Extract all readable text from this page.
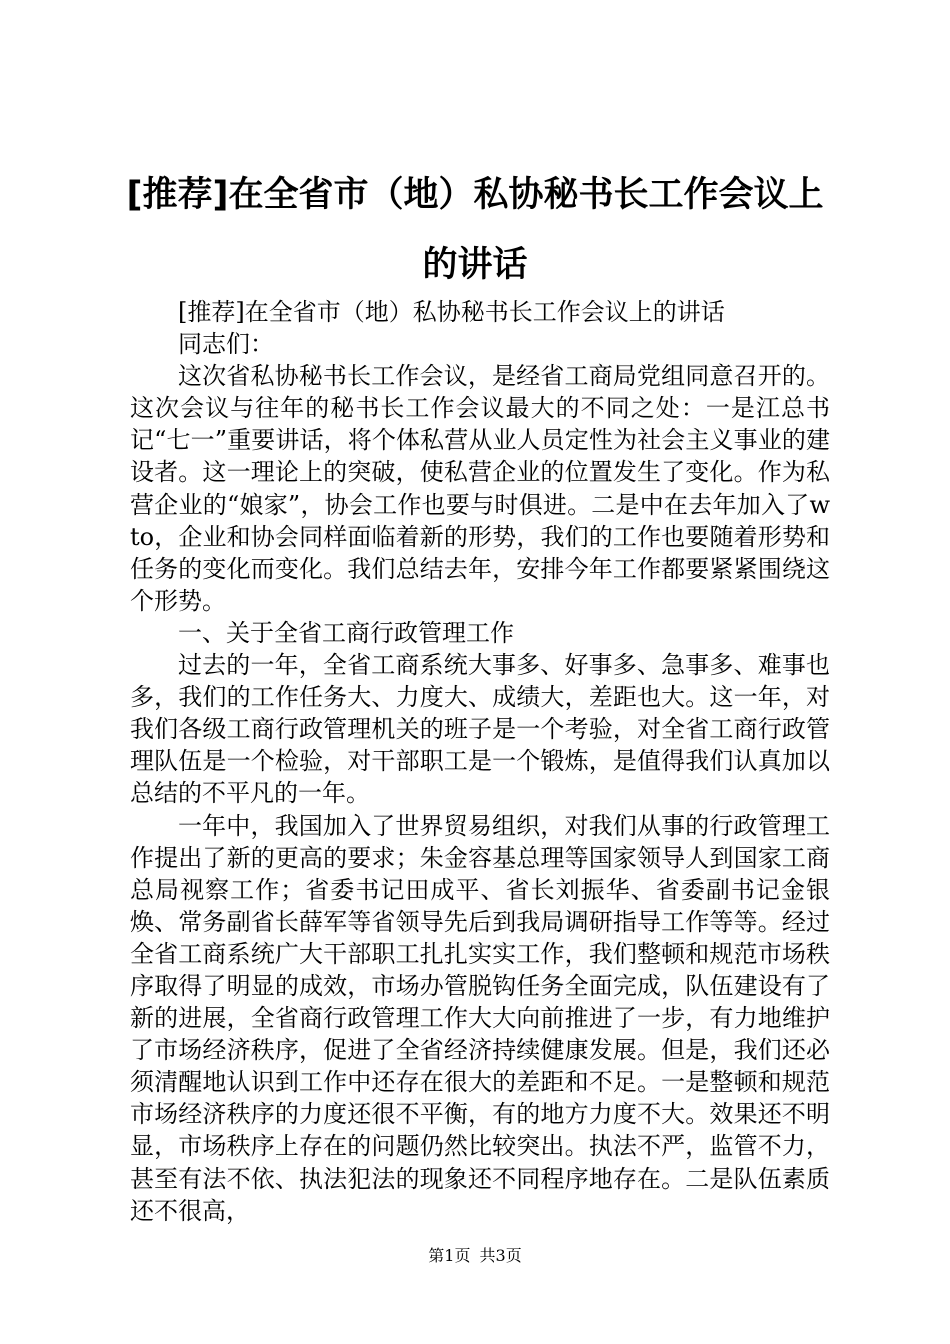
[推荐]在全省市（地）私协秘书长工作会议上
的讲话

[推荐]在全省市（地）私协秘书长工作会议上的讲话

同志们：

这次省私协秘书长工作会议，是经省工商局党组同意召开的。这次会议与往年的秘书长工作会议最大的不同之处：一是江总书记“七一”重要讲话，将个体私营从业人员定性为社会主义事业的建设者。这一理论上的突破，使私营企业的位置发生了变化。作为私营企业的“娘家”，协会工作也要与时俱进。二是中在去年加入了wto，企业和协会同样面临着新的形势，我们的工作也要随着形势和任务的变化而变化。我们总结去年，安排今年工作都要紧紧围绕这个形势。

一、关于全省工商行政管理工作

过去的一年，全省工商系统大事多、好事多、急事多、难事也多，我们的工作任务大、力度大、成绩大，差距也大。这一年，对我们各级工商行政管理机关的班子是一个考验，对全省工商行政管理队伍是一个检验，对干部职工是一个锻炼，是值得我们认真加以总结的不平凡的一年。

一年中，我国加入了世界贸易组织，对我们从事的行政管理工作提出了新的更高的要求；朱金容基总理等国家领导人到国家工商总局视察工作；省委书记田成平、省长刘振华、省委副书记金银焕、常务副省长薛军等省领导先后到我局调研指导工作等等。经过全省工商系统广大干部职工扎扎实实工作，我们整顿和规范市场秩序取得了明显的成效，市场办管脱钩任务全面完成，队伍建设有了新的进展，全省商行政管理工作大大向前推进了一步，有力地维护了市场经济秩序，促进了全省经济持续健康发展。但是，我们还必须清醒地认识到工作中还存在很大的差距和不足。一是整顿和规范市场经济秩序的力度还很不平衡，有的地方力度不大。效果还不明显，市场秩序上存在的问题仍然比较突出。执法不严，监管不力，甚至有法不依、执法犯法的现象还不同程序地存在。二是队伍素质还不很高，

第1页 共3页
